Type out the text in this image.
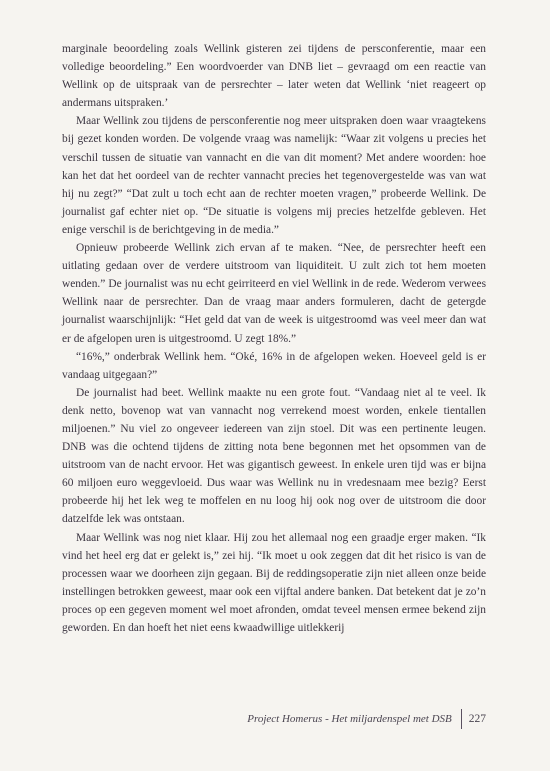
marginale beoordeling zoals Wellink gisteren zei tijdens de persconferentie, maar een volledige beoordeling.” Een woordvoerder van DNB liet – gevraagd om een reactie van Wellink op de uitspraak van de persrechter – later weten dat Wellink ‘niet reageert op andermans uitspraken.’

Maar Wellink zou tijdens de persconferentie nog meer uitspraken doen waar vraagtekens bij gezet konden worden. De volgende vraag was namelijk: “Waar zit volgens u precies het verschil tussen de situatie van vannacht en die van dit moment? Met andere woorden: hoe kan het dat het oordeel van de rechter vannacht precies het tegenovergestelde was van wat hij nu zegt?” “Dat zult u toch echt aan de rechter moeten vragen,” probeerde Wellink. De journalist gaf echter niet op. “De situatie is volgens mij precies hetzelfde gebleven. Het enige verschil is de berichtgeving in de media.”

Opnieuw probeerde Wellink zich ervan af te maken. “Nee, de persrechter heeft een uitlating gedaan over de verdere uitstroom van liquiditeit. U zult zich tot hem moeten wenden.” De journalist was nu echt geirriteerd en viel Wellink in de rede. Wederom verwees Wellink naar de persrechter. Dan de vraag maar anders formuleren, dacht de getergde journalist waarschijnlijk: “Het geld dat van de week is uitgestroomd was veel meer dan wat er de afgelopen uren is uitgestroomd. U zegt 18%.”

“16%,” onderbrak Wellink hem. “Oké, 16% in de afgelopen weken. Hoeveel geld is er vandaag uitgegaan?”

De journalist had beet. Wellink maakte nu een grote fout. “Vandaag niet al te veel. Ik denk netto, bovenop wat van vannacht nog verrekend moest worden, enkele tientallen miljoenen.” Nu viel zo ongeveer iedereen van zijn stoel. Dit was een pertinente leugen. DNB was die ochtend tijdens de zitting nota bene begonnen met het opsommen van de uitstroom van de nacht ervoor. Het was gigantisch geweest. In enkele uren tijd was er bijna 60 miljoen euro weggevloeid. Dus waar was Wellink nu in vredesnaam mee bezig? Eerst probeerde hij het lek weg te moffelen en nu loog hij ook nog over de uitstroom die door datzelfde lek was ontstaan.

Maar Wellink was nog niet klaar. Hij zou het allemaal nog een graadje erger maken. “Ik vind het heel erg dat er gelekt is,” zei hij. “Ik moet u ook zeggen dat dit het risico is van de processen waar we doorheen zijn gegaan. Bij de reddingsoperatie zijn niet alleen onze beide instellingen betrokken geweest, maar ook een vijftal andere banken. Dat betekent dat je zo’n proces op een gegeven moment wel moet afronden, omdat teveel mensen ermee bekend zijn geworden. En dan hoeft het niet eens kwaadwillige uitlekkerij

Project Homerus - Het miljardenspel met DSB 227
